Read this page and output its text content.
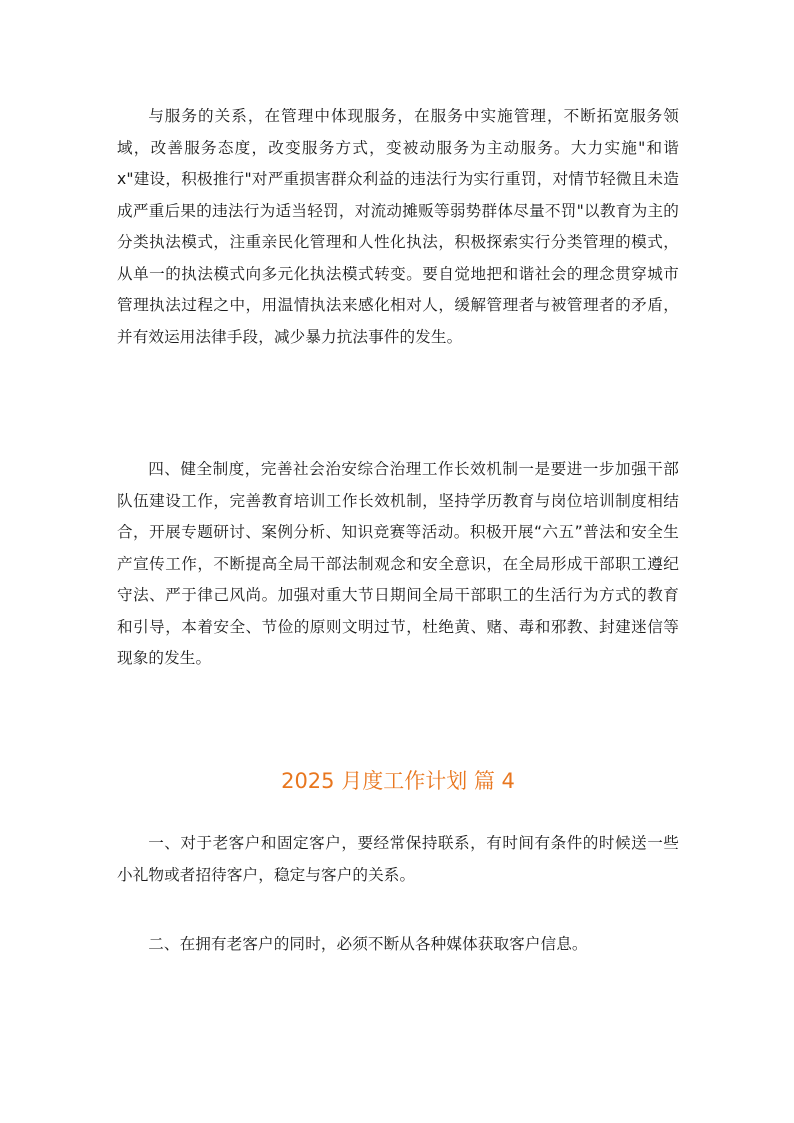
与服务的关系，在管理中体现服务，在服务中实施管理，不断拓宽服务领域，改善服务态度，改变服务方式，变被动服务为主动服务。大力实施"和谐 x"建设，积极推行"对严重损害群众利益的违法行为实行重罚，对情节轻微且未造成严重后果的违法行为适当轻罚，对流动摊贩等弱势群体尽量不罚"以教育为主的分类执法模式，注重亲民化管理和人性化执法，积极探索实行分类管理的模式，从单一的执法模式向多元化执法模式转变。要自觉地把和谐社会的理念贯穿城市管理执法过程之中，用温情执法来感化相对人，缓解管理者与被管理者的矛盾，并有效运用法律手段，减少暴力抗法事件的发生。

四、健全制度，完善社会治安综合治理工作长效机制一是要进一步加强干部队伍建设工作，完善教育培训工作长效机制，坚持学历教育与岗位培训制度相结合，开展专题研讨、案例分析、知识竞赛等活动。积极开展“六五”普法和安全生产宣传工作，不断提高全局干部法制观念和安全意识，在全局形成干部职工遵纪守法、严于律己风尚。加强对重大节日期间全局干部职工的生活行为方式的教育和引导，本着安全、节俭的原则文明过节，杜绝黄、赌、毒和邪教、封建迷信等现象的发生。

2025 月度工作计划 篇 4

一、对于老客户和固定客户，要经常保持联系，有时间有条件的时候送一些小礼物或者招待客户，稳定与客户的关系。

二、在拥有老客户的同时，必须不断从各种媒体获取客户信息。
